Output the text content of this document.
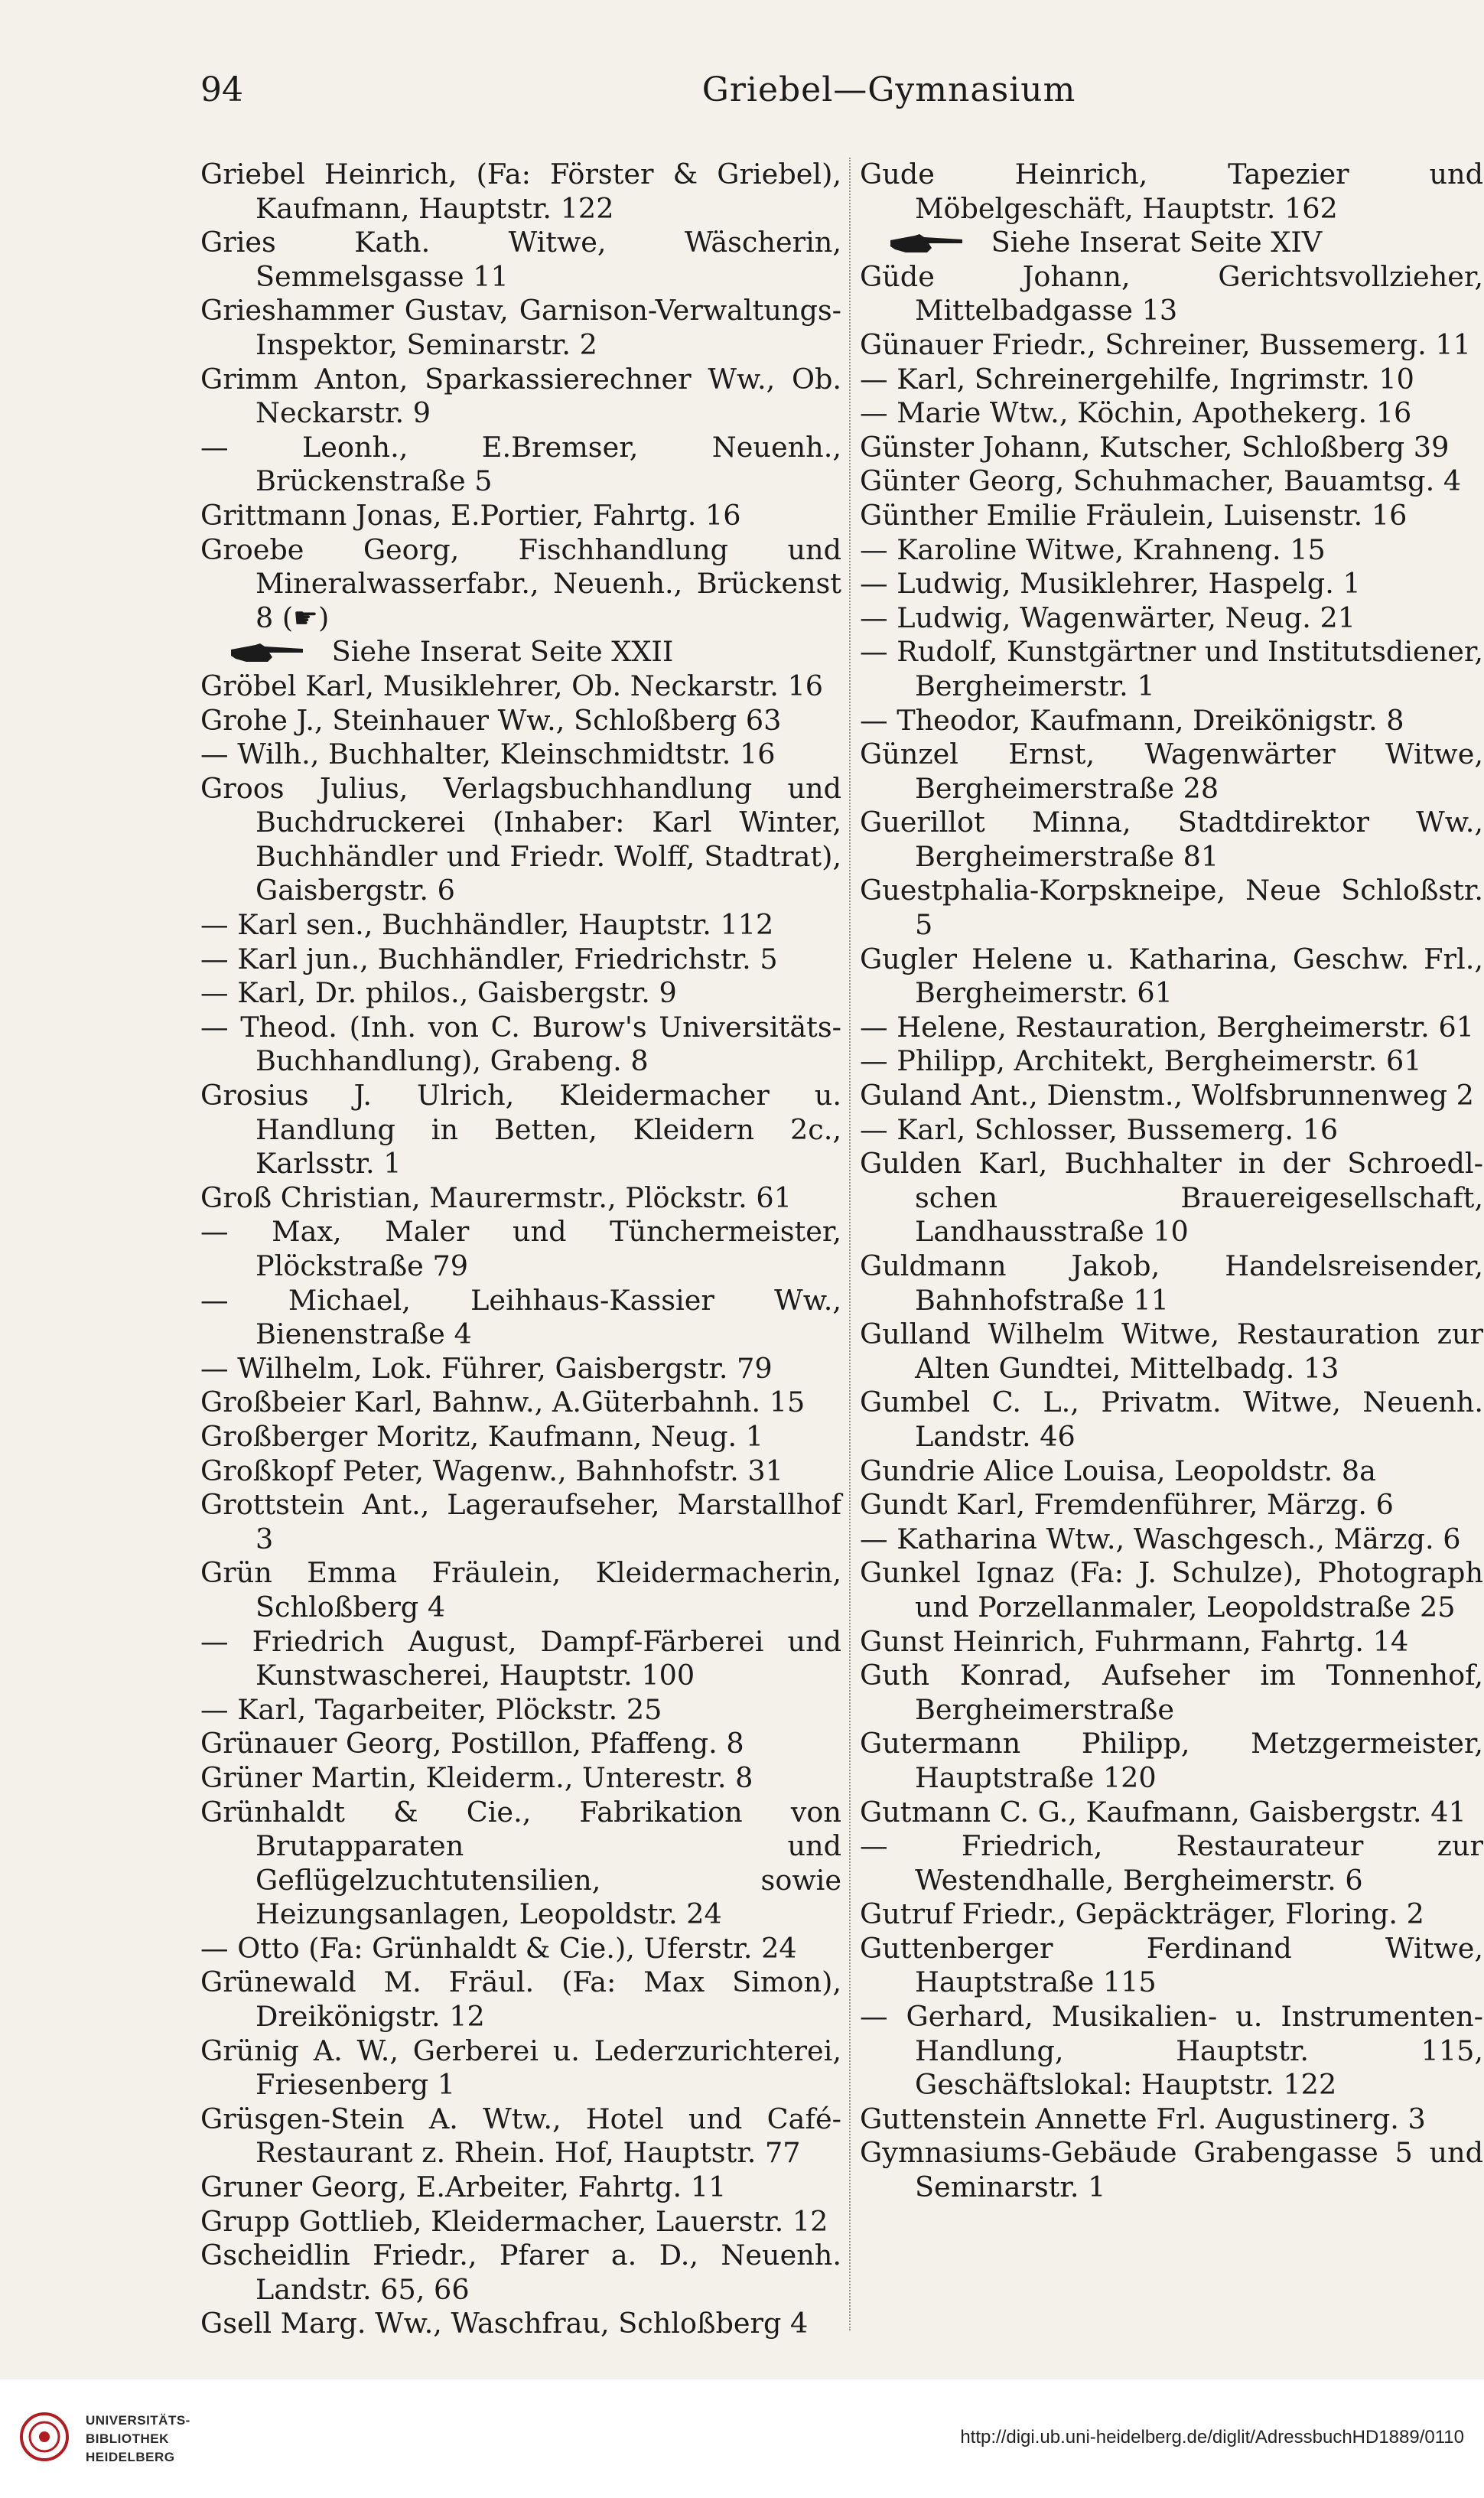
94	Griebel—Gymnasium

Griebel Heinrich, (Fa: Förster & Griebel), Kaufmann, Hauptstr. 122

Gries Kath. Witwe, Wäscherin, Semmelsgasse 11

Grieshammer Gustav, Garnison-Verwaltungs-Inspektor, Seminarstr. 2

Grimm Anton, Sparkassierechner Ww., Ob. Neckarstr. 9

— Leonh., E.Bremser, Neuenh., Brückenstraße 5

Grittmann Jonas, E.Portier, Fahrtg. 16

Groebe Georg, Fischhandlung und Mineralwasserfabr., Neuenh., Brückenst 8 (☛)

Siehe Inserat Seite XXII

Gröbel Karl, Musiklehrer, Ob. Neckarstr. 16

Grohe J., Steinhauer Ww., Schloßberg 63

— Wilh., Buchhalter, Kleinschmidtstr. 16

Groos Julius, Verlagsbuchhandlung und Buchdruckerei (Inhaber: Karl Winter, Buchhändler und Friedr. Wolff, Stadtrat), Gaisbergstr. 6

— Karl sen., Buchhändler, Hauptstr. 112

— Karl jun., Buchhändler, Friedrichstr. 5

— Karl, Dr. philos., Gaisbergstr. 9

— Theod. (Inh. von C. Burow's Universitäts-Buchhandlung), Grabeng. 8

Grosius J. Ulrich, Kleidermacher u. Handlung in Betten, Kleidern 2c., Karlsstr. 1

Groß Christian, Maurermstr., Plöckstr. 61

— Max, Maler und Tünchermeister, Plöckstraße 79

— Michael, Leihhaus-Kassier Ww., Bienenstraße 4

— Wilhelm, Lok. Führer, Gaisbergstr. 79

Großbeier Karl, Bahnw., A.Güterbahnh. 15

Großberger Moritz, Kaufmann, Neug. 1

Großkopf Peter, Wagenw., Bahnhofstr. 31

Grottstein Ant., Lageraufseher, Marstallhof 3

Grün Emma Fräulein, Kleidermacherin, Schloßberg 4

— Friedrich August, Dampf-Färberei und Kunstwascherei, Hauptstr. 100

— Karl, Tagarbeiter, Plöckstr. 25

Grünauer Georg, Postillon, Pfaffeng. 8

Grüner Martin, Kleiderm., Unterestr. 8

Grünhaldt & Cie., Fabrikation von Brutapparaten und Geflügelzuchtutensilien, sowie Heizungsanlagen, Leopoldstr. 24

— Otto (Fa: Grünhaldt & Cie.), Uferstr. 24

Grünewald M. Fräul. (Fa: Max Simon), Dreikönigstr. 12

Grünig A. W., Gerberei u. Lederzurichterei, Friesenberg 1

Grüsgen-Stein A. Wtw., Hotel und Café-Restaurant z. Rhein. Hof, Hauptstr. 77

Gruner Georg, E.Arbeiter, Fahrtg. 11

Grupp Gottlieb, Kleidermacher, Lauerstr. 12

Gscheidlin Friedr., Pfarer a. D., Neuenh. Landstr. 65, 66

Gsell Marg. Ww., Waschfrau, Schloßberg 4

Gude Heinrich, Tapezier und Möbelgeschäft, Hauptstr. 162

Siehe Inserat Seite XIV

Güde Johann, Gerichtsvollzieher, Mittelbadgasse 13

Günauer Friedr., Schreiner, Bussemerg. 11

— Karl, Schreinergehilfe, Ingrimstr. 10

— Marie Wtw., Köchin, Apothekerg. 16

Günster Johann, Kutscher, Schloßberg 39

Günter Georg, Schuhmacher, Bauamtsg. 4

Günther Emilie Fräulein, Luisenstr. 16

— Karoline Witwe, Krahneng. 15

— Ludwig, Musiklehrer, Haspelg. 1

— Ludwig, Wagenwärter, Neug. 21

— Rudolf, Kunstgärtner und Institutsdiener, Bergheimerstr. 1

— Theodor, Kaufmann, Dreikönigstr. 8

Günzel Ernst, Wagenwärter Witwe, Bergheimerstraße 28

Guerillot Minna, Stadtdirektor Ww., Bergheimerstraße 81

Guestphalia-Korpskneipe, Neue Schloßstr. 5

Gugler Helene u. Katharina, Geschw. Frl., Bergheimerstr. 61

— Helene, Restauration, Bergheimerstr. 61

— Philipp, Architekt, Bergheimerstr. 61

Guland Ant., Dienstm., Wolfsbrunnenweg 2

— Karl, Schlosser, Bussemerg. 16

Gulden Karl, Buchhalter in der Schroedl-schen Brauereigesellschaft, Landhausstraße 10

Guldmann Jakob, Handelsreisender, Bahnhofstraße 11

Gulland Wilhelm Witwe, Restauration zur Alten Gundtei, Mittelbadg. 13

Gumbel C. L., Privatm. Witwe, Neuenh. Landstr. 46

Gundrie Alice Louisa, Leopoldstr. 8a

Gundt Karl, Fremdenführer, Märzg. 6

— Katharina Wtw., Waschgesch., Märzg. 6

Gunkel Ignaz (Fa: J. Schulze), Photograph und Porzellanmaler, Leopoldstraße 25

Gunst Heinrich, Fuhrmann, Fahrtg. 14

Guth Konrad, Aufseher im Tonnenhof, Bergheimerstraße

Gutermann Philipp, Metzgermeister, Hauptstraße 120

Gutmann C. G., Kaufmann, Gaisbergstr. 41

— Friedrich, Restaurateur zur Westendhalle, Bergheimerstr. 6

Gutruf Friedr., Gepäckträger, Floring. 2

Guttenberger Ferdinand Witwe, Hauptstraße 115

— Gerhard, Musikalien- u. Instrumenten-Handlung, Hauptstr. 115, Geschäftslokal: Hauptstr. 122

Guttenstein Annette Frl. Augustinerg. 3

Gymnasiums-Gebäude Grabengasse 5 und Seminarstr. 1

UNIVERSITÄTS-
BIBLIOTHEK
HEIDELBERG
http://digi.ub.uni-heidelberg.de/diglit/AdressbuchHD1889/0110
